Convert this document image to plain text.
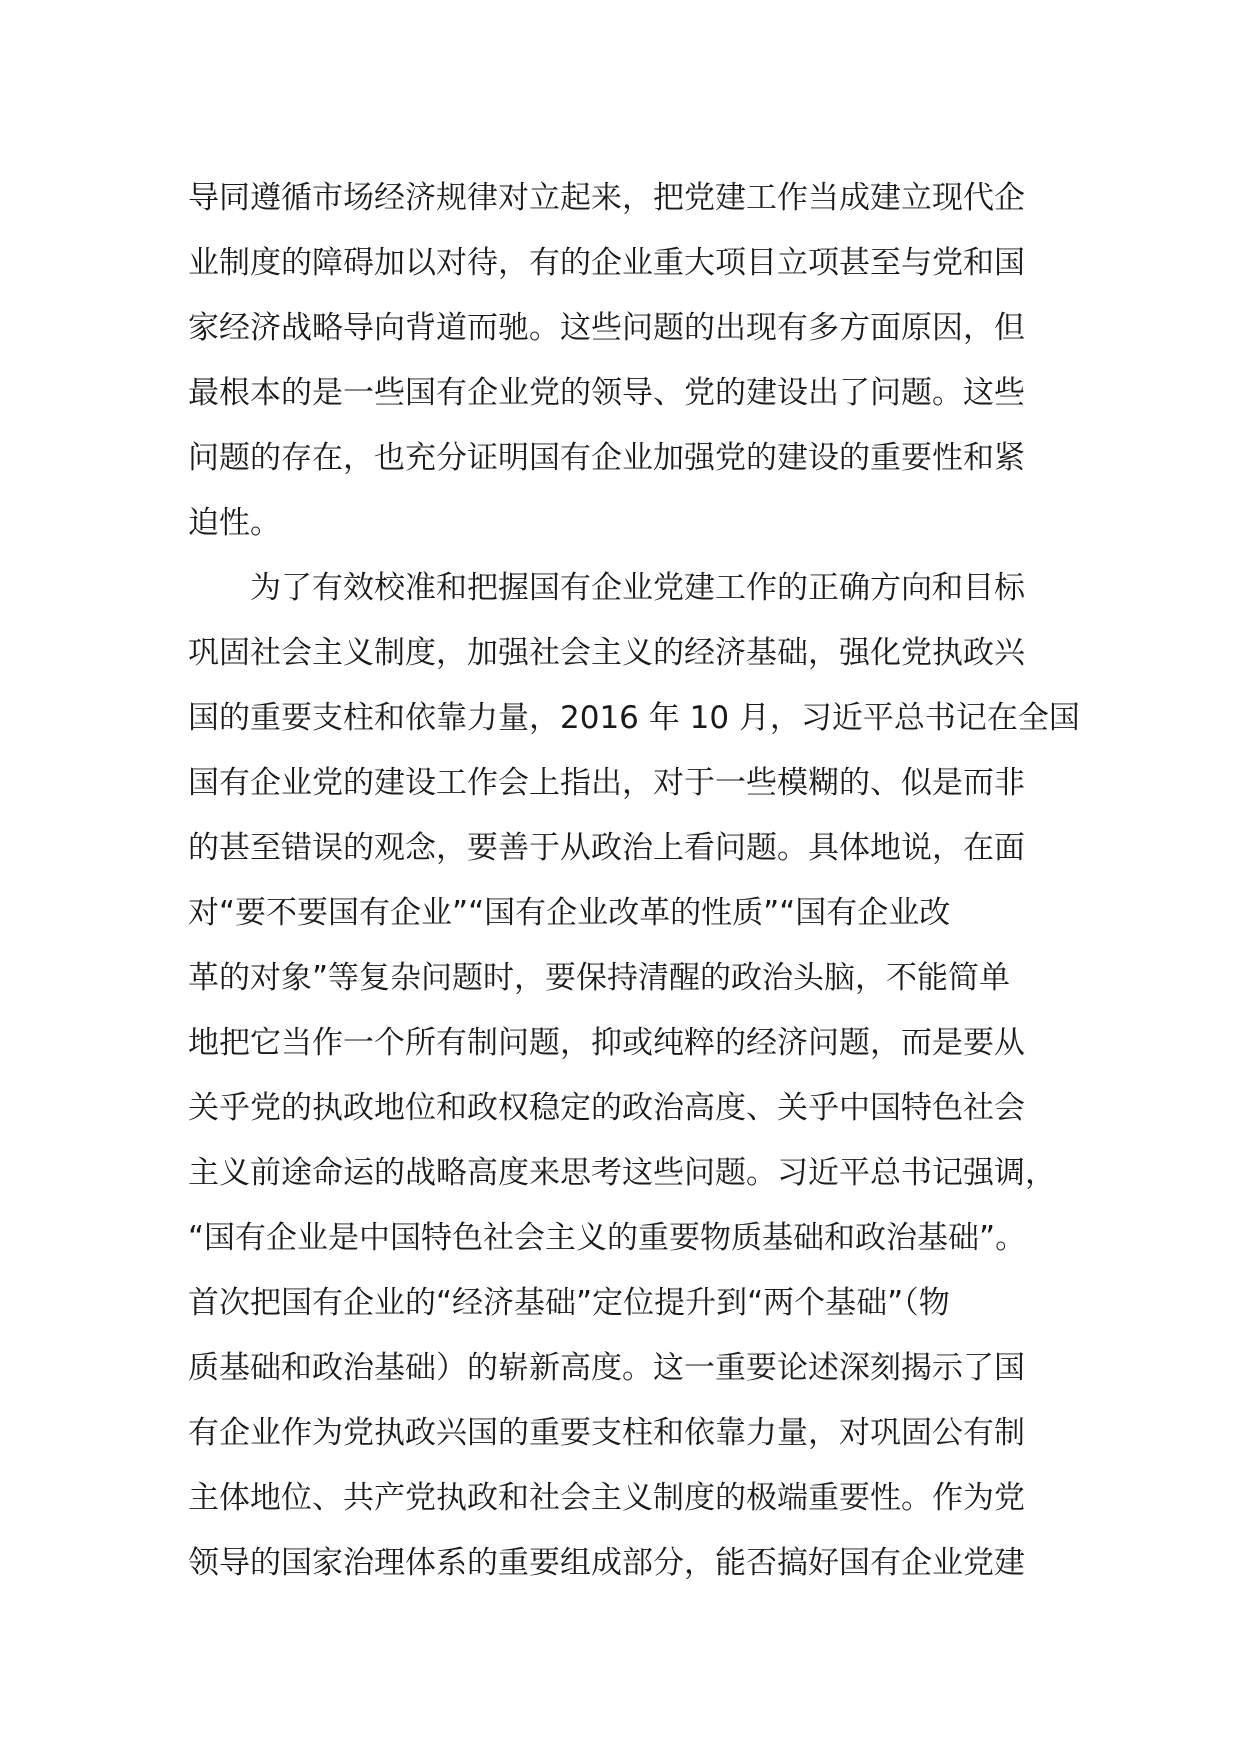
导同遵循市场经济规律对立起来，把党建工作当成建立现代企
业制度的障碍加以对待，有的企业重大项目立项甚至与党和国
家经济战略导向背道而驰。这些问题的出现有多方面原因，但
最根本的是一些国有企业党的领导、党的建设出了问题。这些
问题的存在，也充分证明国有企业加强党的建设的重要性和紧
迫性。
为了有效校准和把握国有企业党建工作的正确方向和目标
巩固社会主义制度，加强社会主义的经济基础，强化党执政兴
国的重要支柱和依靠力量，2016 年 10 月，习近平总书记在全国
国有企业党的建设工作会上指出，对于一些模糊的、似是而非
的甚至错误的观念，要善于从政治上看问题。具体地说，在面
对“要不要国有企业”“国有企业改革的性质”“国有企业改
革的对象”等复杂问题时，要保持清醒的政治头脑，不能简单
地把它当作一个所有制问题，抑或纯粹的经济问题，而是要从
关乎党的执政地位和政权稳定的政治高度、关乎中国特色社会
主义前途命运的战略高度来思考这些问题。习近平总书记强调，
“国有企业是中国特色社会主义的重要物质基础和政治基础”。
首次把国有企业的“经济基础”定位提升到“两个基础”（物
质基础和政治基础）的崭新高度。这一重要论述深刻揭示了国
有企业作为党执政兴国的重要支柱和依靠力量，对巩固公有制
主体地位、共产党执政和社会主义制度的极端重要性。作为党
领导的国家治理体系的重要组成部分，能否搞好国有企业党建
